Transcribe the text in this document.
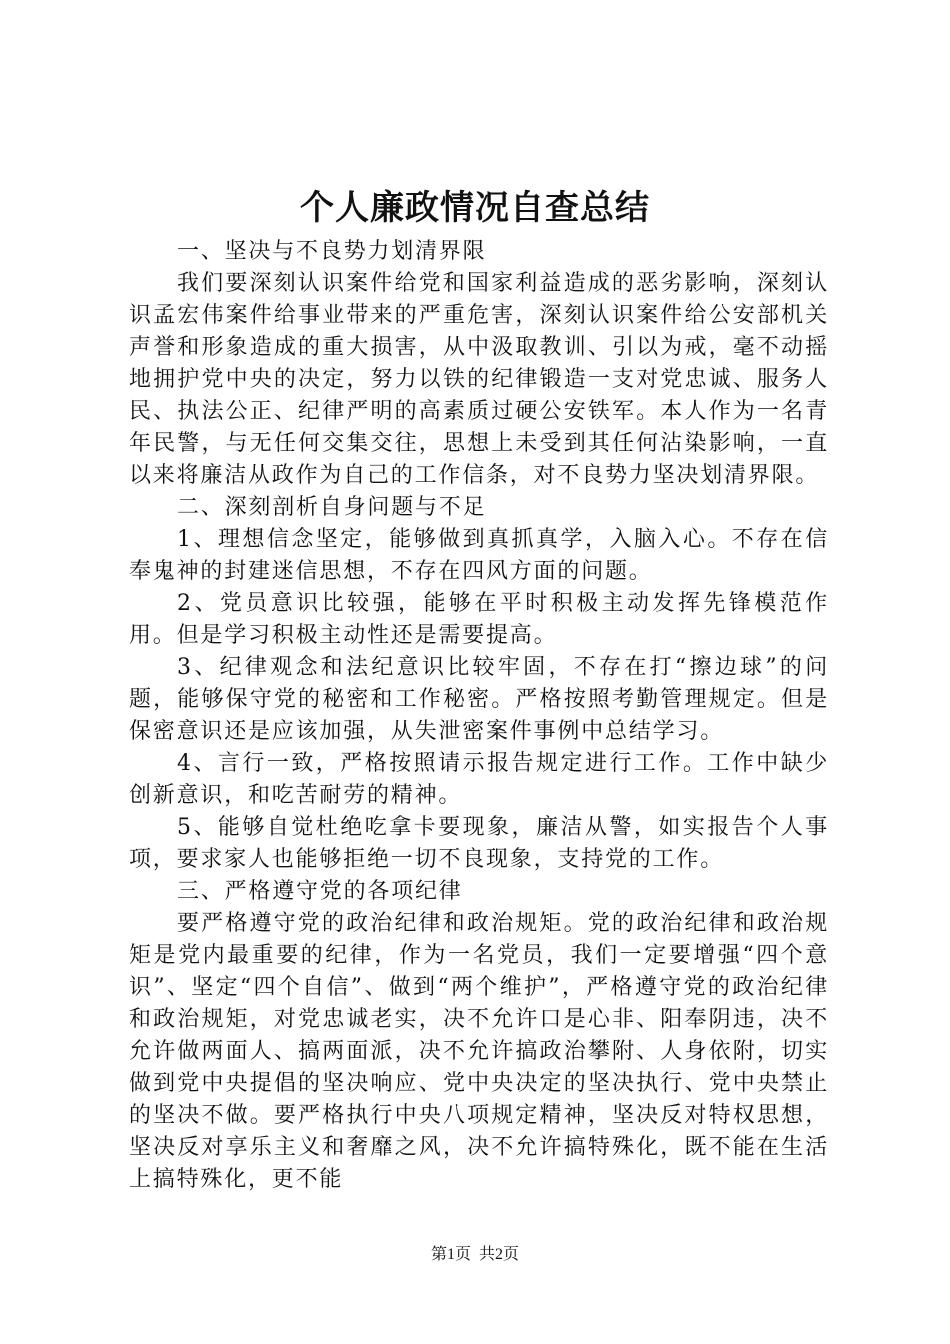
个人廉政情况自查总结

一、坚决与不良势力划清界限

我们要深刻认识案件给党和国家利益造成的恶劣影响，深刻认识孟宏伟案件给事业带来的严重危害，深刻认识案件给公安部机关声誉和形象造成的重大损害，从中汲取教训、引以为戒，毫不动摇地拥护党中央的决定，努力以铁的纪律锻造一支对党忠诚、服务人民、执法公正、纪律严明的高素质过硬公安铁军。本人作为一名青年民警，与无任何交集交往，思想上未受到其任何沾染影响，一直以来将廉洁从政作为自己的工作信条，对不良势力坚决划清界限。

二、深刻剖析自身问题与不足

1、理想信念坚定，能够做到真抓真学，入脑入心。不存在信奉鬼神的封建迷信思想，不存在四风方面的问题。

2、党员意识比较强，能够在平时积极主动发挥先锋模范作用。但是学习积极主动性还是需要提高。

3、纪律观念和法纪意识比较牢固，不存在打“擦边球”的问题，能够保守党的秘密和工作秘密。严格按照考勤管理规定。但是保密意识还是应该加强，从失泄密案件事例中总结学习。

4、言行一致，严格按照请示报告规定进行工作。工作中缺少创新意识，和吃苦耐劳的精神。

5、能够自觉杜绝吃拿卡要现象，廉洁从警，如实报告个人事项，要求家人也能够拒绝一切不良现象，支持党的工作。

三、严格遵守党的各项纪律

要严格遵守党的政治纪律和政治规矩。党的政治纪律和政治规矩是党内最重要的纪律，作为一名党员，我们一定要增强“四个意识”、坚定“四个自信”、做到“两个维护”，严格遵守党的政治纪律和政治规矩，对党忠诚老实，决不允许口是心非、阳奉阴违，决不允许做两面人、搞两面派，决不允许搞政治攀附、人身依附，切实做到党中央提倡的坚决响应、党中央决定的坚决执行、党中央禁止的坚决不做。要严格执行中央八项规定精神，坚决反对特权思想，坚决反对享乐主义和奢靡之风，决不允许搞特殊化，既不能在生活上搞特殊化，更不能

第1页  共2页
